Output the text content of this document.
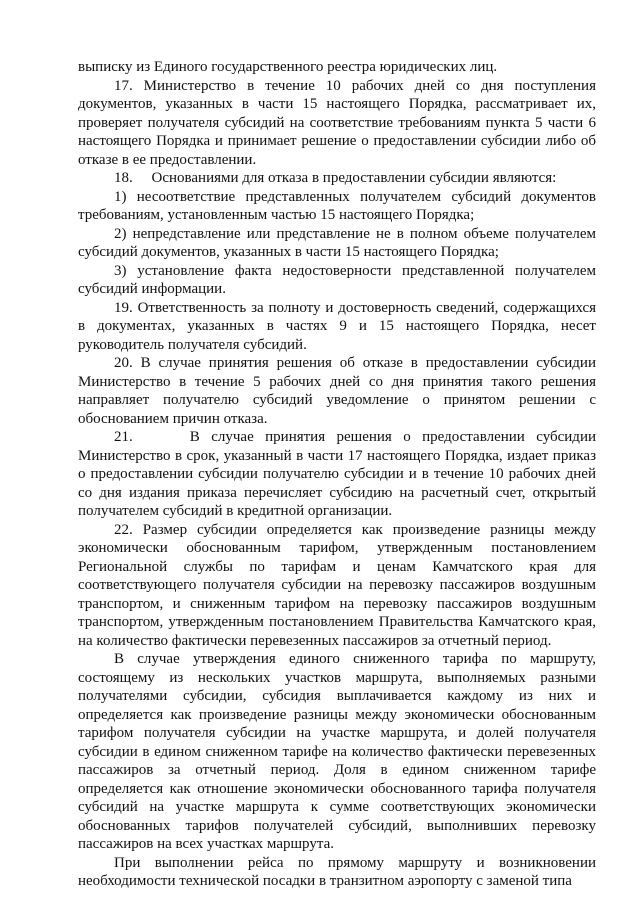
выписку из Единого государственного реестра юридических лиц.

17. Министерство в течение 10 рабочих дней со дня поступления документов, указанных в части 15 настоящего Порядка, рассматривает их, проверяет получателя субсидий на соответствие требованиям пункта 5 части 6 настоящего Порядка и принимает решение о предоставлении субсидии либо об отказе в ее предоставлении.

18.     Основаниями для отказа в предоставлении субсидии являются:

1) несоответствие представленных получателем субсидий документов требованиям, установленным частью 15 настоящего Порядка;

2) непредставление или представление не в полном объеме получателем субсидий документов, указанных в части 15 настоящего Порядка;

3) установление факта недостоверности представленной получателем субсидий информации.

19. Ответственность за полноту и достоверность сведений, содержащихся в документах, указанных в частях 9 и 15 настоящего Порядка, несет руководитель получателя субсидий.

20. В случае принятия решения об отказе в предоставлении субсидии Министерство в течение 5 рабочих дней со дня принятия такого решения направляет получателю субсидий уведомление о принятом решении с обоснованием причин отказа.

21.     В случае принятия решения о предоставлении субсидии Министерство в срок, указанный в части 17 настоящего Порядка, издает приказ о предоставлении субсидии получателю субсидии и в течение 10 рабочих дней со дня издания приказа перечисляет субсидию на расчетный счет, открытый получателем субсидий в кредитной организации.

22. Размер субсидии определяется как произведение разницы между экономически обоснованным тарифом, утвержденным постановлением Региональной службы по тарифам и ценам Камчатского края для соответствующего получателя субсидии на перевозку пассажиров воздушным транспортом, и сниженным тарифом на перевозку пассажиров воздушным транспортом, утвержденным постановлением Правительства Камчатского края, на количество фактически перевезенных пассажиров за отчетный период.

В случае утверждения единого сниженного тарифа по маршруту, состоящему из нескольких участков маршрута, выполняемых разными получателями субсидии, субсидия выплачивается каждому из них и определяется как произведение разницы между экономически обоснованным тарифом получателя субсидии на участке маршрута, и долей получателя субсидии в едином сниженном тарифе на количество фактически перевезенных пассажиров за отчетный период. Доля в едином сниженном тарифе определяется как отношение экономически обоснованного тарифа получателя субсидий на участке маршрута к сумме соответствующих экономически обоснованных тарифов получателей субсидий, выполнивших перевозку пассажиров на всех участках маршрута.

При выполнении рейса по прямому маршруту и возникновении необходимости технической посадки в транзитном аэропорту с заменой типа
